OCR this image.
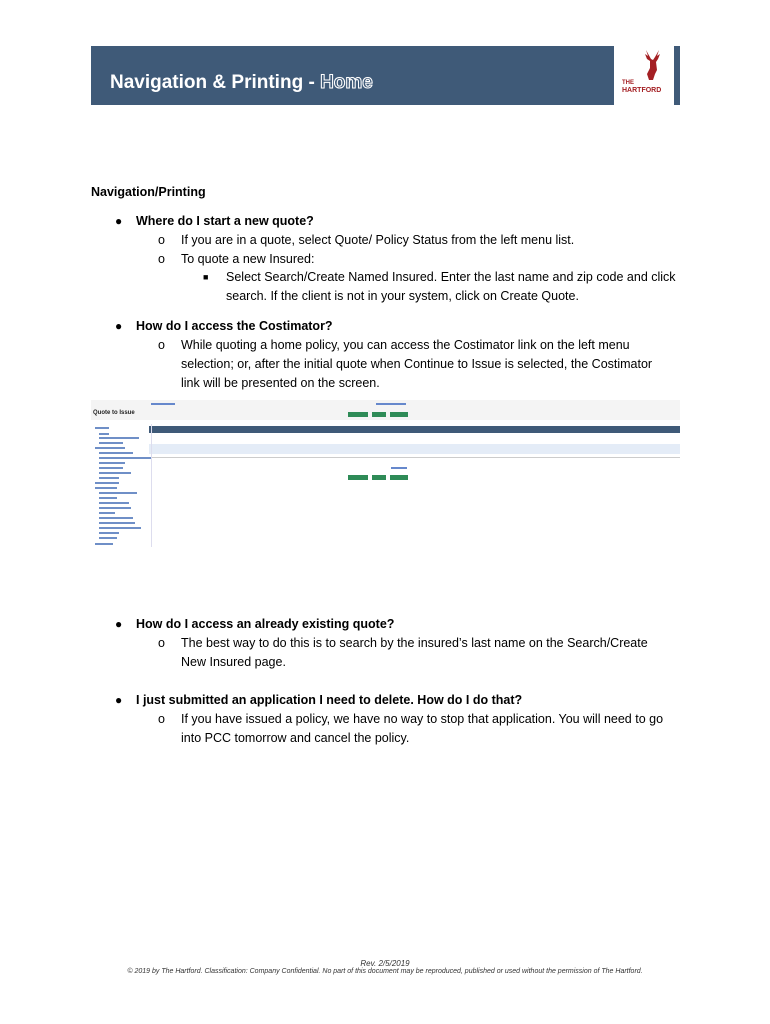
Navigation & Printing - Home	THE
HARTFORD
Navigation/Printing
● Where do I start a new quote?
o If you are in a quote, select Quote/ Policy Status from the left menu list.
o To quote a new Insured:
■ Select Search/Create Named Insured. Enter the last name and zip code and click
search. If the client is not in your system, click on Create Quote.
● How do I access the Costimator?
o While quoting a home policy, you can access the Costimator link on the left menu
selection; or, after the initial quote when Continue to Issue is selected, the Costimator
link will be presented on the screen.
Quote to Issue
● How do I access an already existing quote?
o The best way to do this is to search by the insured’s last name on the Search/Create
New Insured page.
● I just submitted an application I need to delete. How do I do that?
o If you have issued a policy, we have no way to stop that application. You will need to go
into PCC tomorrow and cancel the policy.
Rev. 2/5/2019
© 2019 by The Hartford. Classification: Company Confidential. No part of this document may be reproduced, published or used without the permission of The Hartford.
